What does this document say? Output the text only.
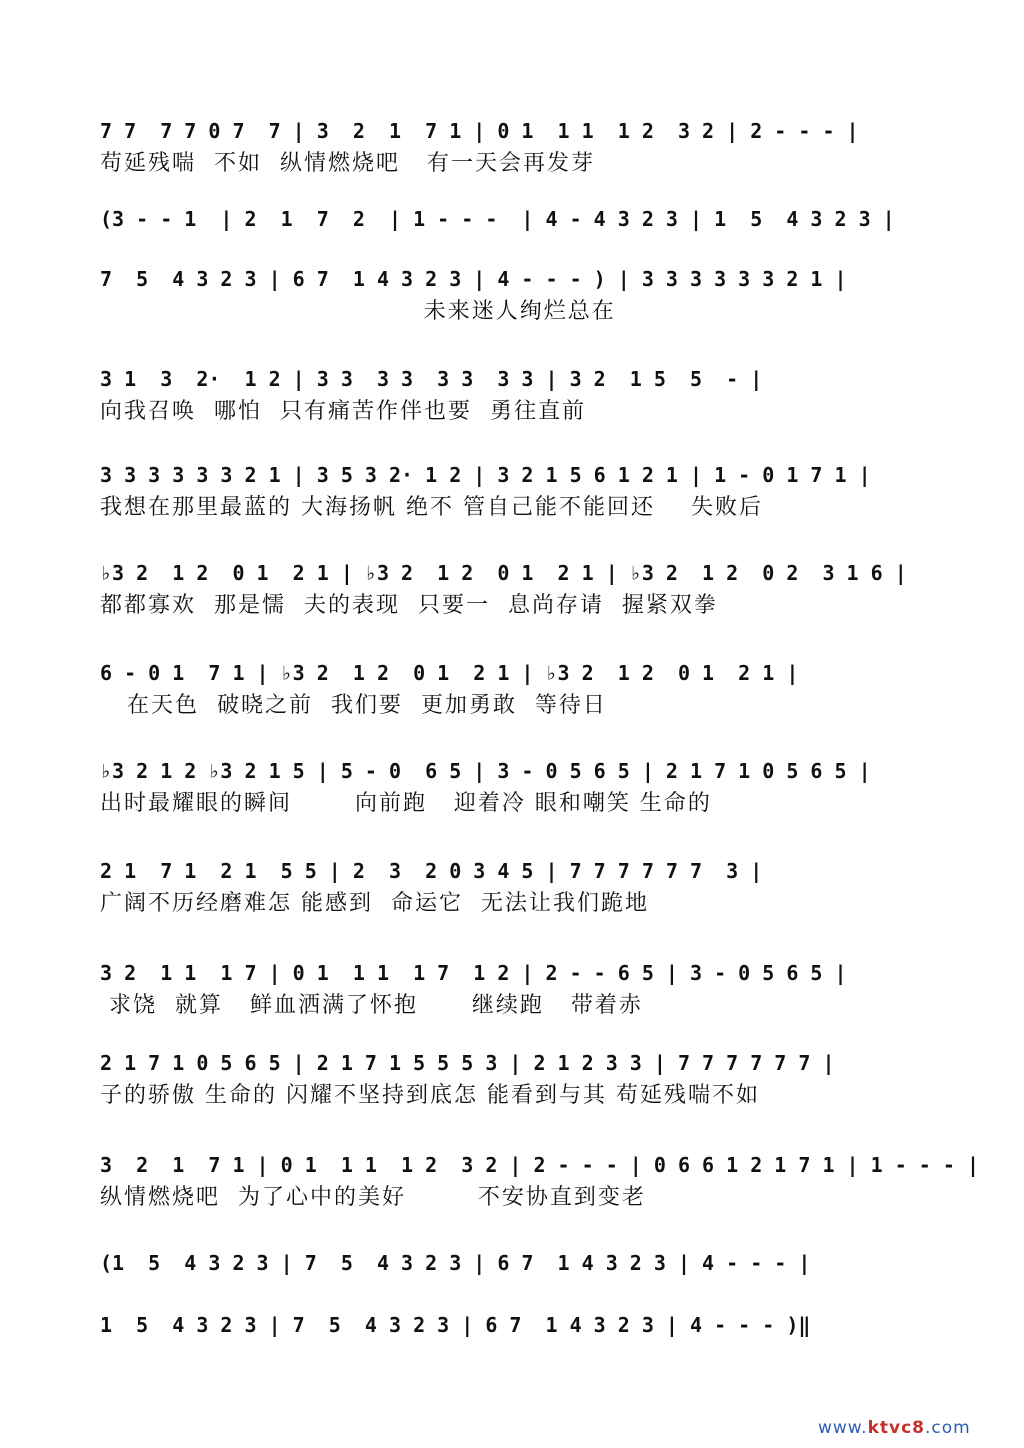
7 7  7 7 0 7  7 | 3  2  1  7 1 | 0 1  1 1  1 2  3 2 | 2 - - - |
苟延残喘  不如  纵情燃烧吧   有一天会再发芽
(3 - - 1  | 2  1  7  2  | 1 - - -  | 4 - 4 3 2 3 | 1  5  4 3 2 3 |
7  5  4 3 2 3 | 6 7  1 4 3 2 3 | 4 - - - ) | 3 3 3 3 3 3 2 1 |
未来迷人绚烂总在
3 1  3  2·  1 2 | 3 3  3 3  3 3  3 3 | 3 2  1 5  5  - |
向我召唤  哪怕  只有痛苦作伴也要  勇往直前
3 3 3 3 3 3 2 1 | 3 5 3 2· 1 2 | 3 2 1 5 6 1 2 1 | 1 - 0 1 7 1 |
我想在那里最蓝的 大海扬帆 绝不 管自己能不能回还    失败后
♭3 2  1 2  0 1  2 1 | ♭3 2  1 2  0 1  2 1 | ♭3 2  1 2  0 2  3 1 6 |
都都寡欢  那是懦  夫的表现  只要一  息尚存请  握紧双拳
6 - 0 1  7 1 | ♭3 2  1 2  0 1  2 1 | ♭3 2  1 2  0 1  2 1 |
在天色  破晓之前  我们要  更加勇敢  等待日
♭3 2 1 2 ♭3 2 1 5 | 5 - 0  6 5 | 3 - 0 5 6 5 | 2 1 7 1 0 5 6 5 |
出时最耀眼的瞬间       向前跑   迎着冷 眼和嘲笑 生命的
2 1  7 1  2 1  5 5 | 2  3  2 0 3 4 5 | 7 7 7 7 7 7  3 |
广阔不历经磨难怎 能感到  命运它  无法让我们跪地
3 2  1 1  1 7 | 0 1  1 1  1 7  1 2 | 2 - - 6 5 | 3 - 0 5 6 5 |
求饶  就算   鲜血洒满了怀抱      继续跑   带着赤
2 1 7 1 0 5 6 5 | 2 1 7 1 5 5 5 3 | 2 1 2 3 3 | 7 7 7 7 7 7 |
子的骄傲 生命的 闪耀不坚持到底怎 能看到与其 苟延残喘不如
3  2  1  7 1 | 0 1  1 1  1 2  3 2 | 2 - - - | 0 6 6 1 2 1 7 1 | 1 - - - |
纵情燃烧吧  为了心中的美好        不安协直到变老
(1  5  4 3 2 3 | 7  5  4 3 2 3 | 6 7  1 4 3 2 3 | 4 - - - |
1  5  4 3 2 3 | 7  5  4 3 2 3 | 6 7  1 4 3 2 3 | 4 - - - )‖
www.ktvc8.com
